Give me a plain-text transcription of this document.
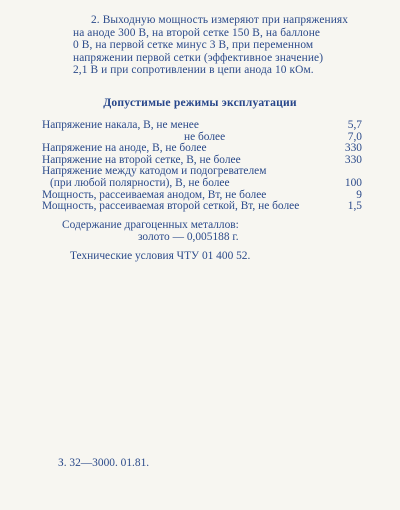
2. Выходную мощность измеряют при напряжениях
на аноде 300 В, на второй сетке 150 В, на баллоне
0 В, на первой сетке минус 3 В, при переменном
напряжении первой сетки (эффективное значение)
2,1 В и при сопротивлении в цепи анода 10 кОм.
Допустимые режимы эксплуатации
Напряжение накала, В, не менее	5,7
не более	7,0
Напряжение на аноде, В, не более	330
Напряжение на второй сетке, В, не более	330
Напряжение между катодом и подогревателем
(при любой полярности), В, не более	100
Мощность, рассеиваемая анодом, Вт, не более	9
Мощность, рассеиваемая второй сеткой, Вт, не более	1,5
Содержание драгоценных металлов:
золото — 0,005188 г.
Технические условия ЧТУ 01 400 52.
З. 32—3000. 01.81.
